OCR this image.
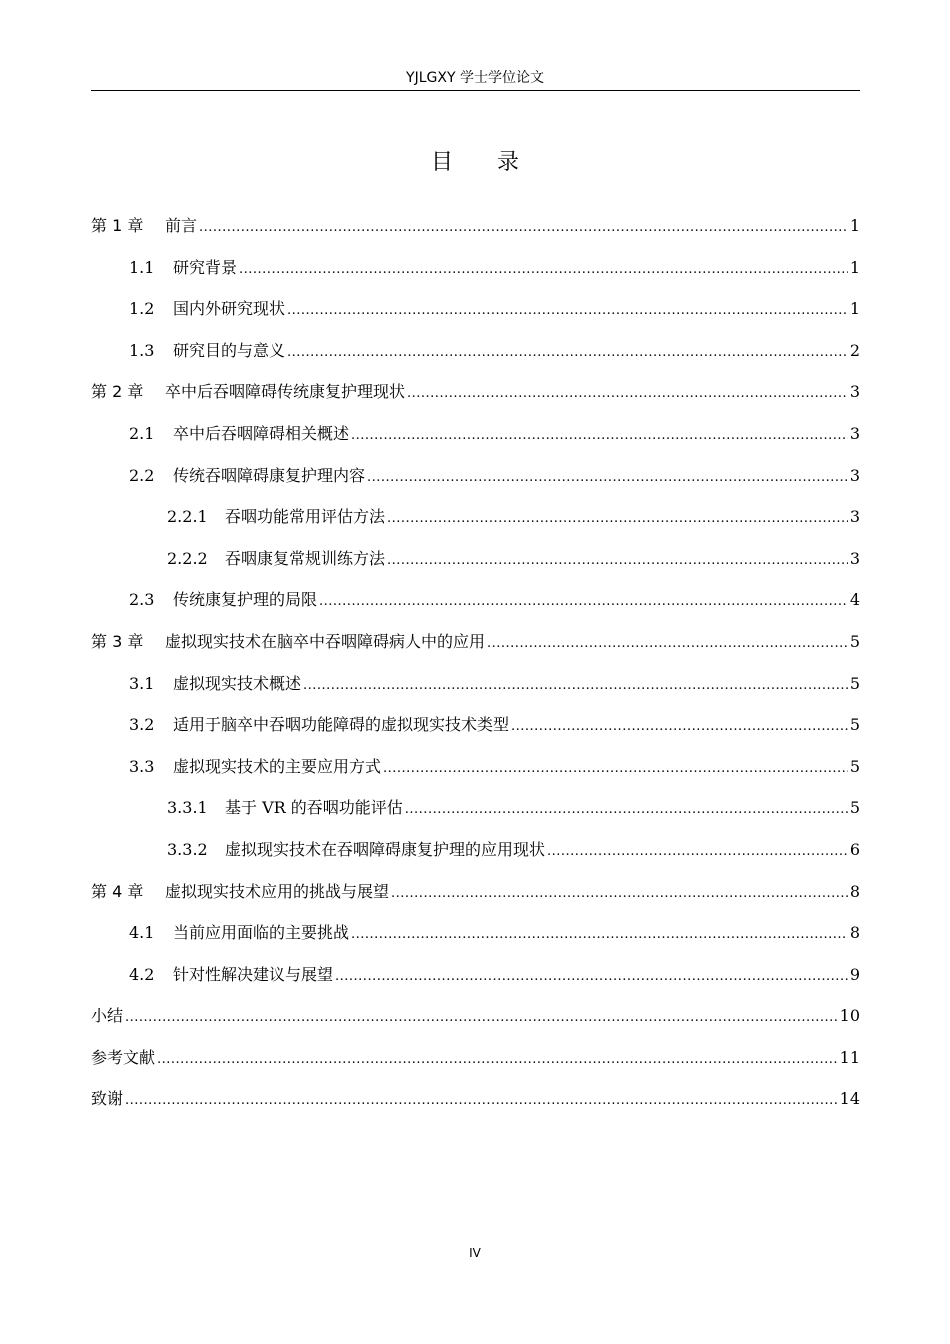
YJLGXY 学士学位论文
目录
第 1 章	前言 .....	1
1.1	研究背景 .....	1
1.2	国内外研究现状 .....	1
1.3	研究目的与意义 .....	2
第 2 章	卒中后吞咽障碍传统康复护理现状 .....	3
2.1	卒中后吞咽障碍相关概述 .....	3
2.2	传统吞咽障碍康复护理内容 .....	3
2.2.1	吞咽功能常用评估方法 .....	3
2.2.2	吞咽康复常规训练方法 .....	3
2.3	传统康复护理的局限 .....	4
第 3 章	虚拟现实技术在脑卒中吞咽障碍病人中的应用 .....	5
3.1	虚拟现实技术概述 .....	5
3.2	适用于脑卒中吞咽功能障碍的虚拟现实技术类型 .....	5
3.3	虚拟现实技术的主要应用方式 .....	5
3.3.1	基于 VR 的吞咽功能评估 .....	5
3.3.2	虚拟现实技术在吞咽障碍康复护理的应用现状 .....	6
第 4 章	虚拟现实技术应用的挑战与展望 .....	8
4.1	当前应用面临的主要挑战 .....	8
4.2	针对性解决建议与展望 .....	9
小结 .....	10
参考文献 .....	11
致谢 .....	14
IV
